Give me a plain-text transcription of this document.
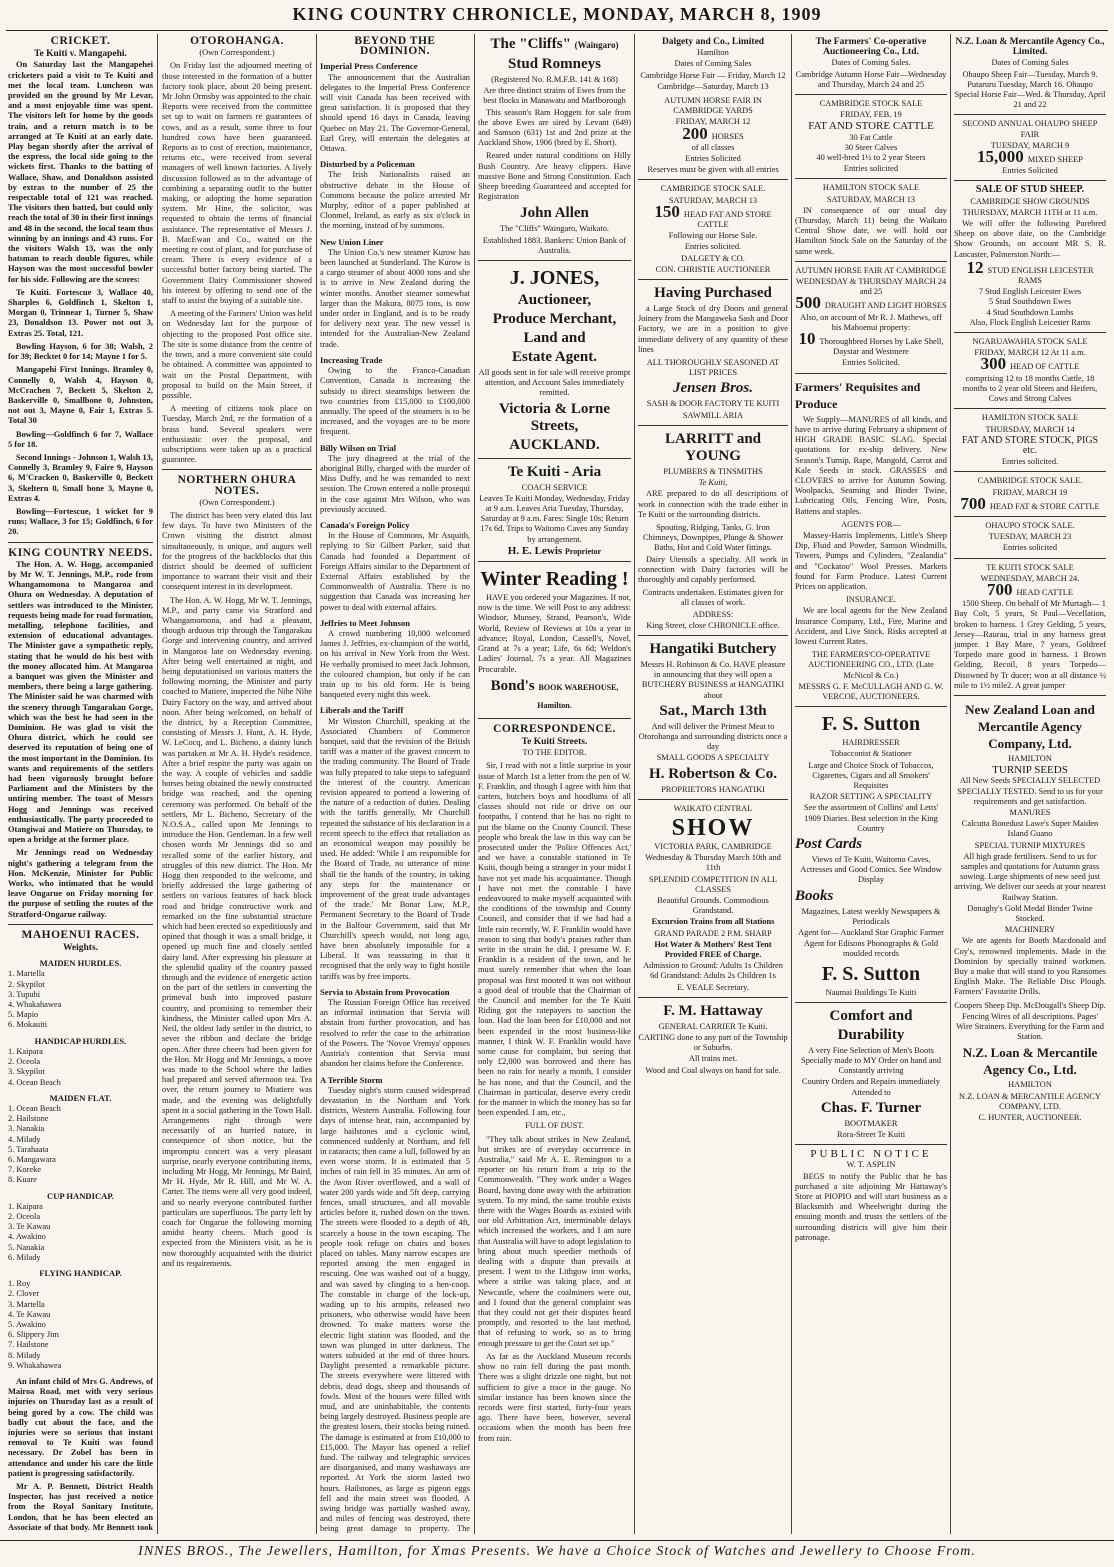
KING COUNTRY CHRONICLE, MONDAY, MARCH 8, 1909
CRICKET.
Te Kuiti v. Mangapehi.

On Saturday last the Mangapehei cricketers paid a visit to Te Kuiti and met the local team. Luncheon was provided on the ground by Mr Levar, and a most enjoyable time was spent. The visitors left for home by the goods train, and a return match is to be arranged at Te Kuiti at an early date. Play began shortly after the arrival of the express, the local side going to the wickets first. Thanks to the batting of Wallace, Shaw, and Donaldson assisted by extras to the number of 25 the respectable total of 121 was reached. The visitors then batted, but could only reach the total of 30 in their first innings and 48 in the second, the local team thus winning by an innings and 43 runs. For the visitors Walsh 13, was the only batsman to reach double figures, while Hayson was the most successful bowler for his side. Following are the scores:

Te Kuiti. Fortescue 3, Wallace 40, Sharples 6, Goldfinch 1, Skelton 1, Morgan 0, Trinnear 1, Turner 5, Shaw 23, Donaldson 13. Power not out 3, Extras 25. Total, 121.

Bowling Hayson, 6 for 38; Walsh, 2 for 39; Becktet 0 for 14; Mayne 1 for 5.

Mangapehi First Innings. Bramley 0, Connelly 0, Walsh 4, Hayson 0, McCrachen 7, Beckett 5, Skelton 2, Baskerville 0, Smallbone 0, Johnston, not out 3, Mayne 0, Fair 1, Extras 5. Total 30

Bowling—Goldfinch 6 for 7, Wallace 5 for 18.

Second Innings - Johnson 1, Walsh 13, Connelly 3, Bramley 9, Faire 9, Hayson 6, M'Cracken 0, Baskerville 0, Beckett 3, Skeltern 0, Small bone 3, Mayne 0, Extras 4.

Bowling—Fortescue, 1 wicket for 9 runs; Wallace, 3 for 15; Goldfinch, 6 for 20.

KING COUNTRY NEEDS.

The Hon. A. W. Hogg, accompanied by Mr W. T. Jennings, M.P., rode from Whangamomona to Mangaroa and Ohura on Wednesday. A deputation of settlers was introduced to the Minister, requests being made for road formation, metalling, telephone facilities, and extension of educational advantages. The Minister gave a sympathetic reply, stating that he would do his best with the money allocated him. At Mangaroa a banquet was given the Minister and members, there being a large gathering. The Minister said he was charmed with the scenery through Tangarakau Gorge, which was the best he had seen in the Dominion. He was glad to visit the Ohura district, which he could see deserved its reputation of being one of the most important in the Dominion. Its wants and requirements of the settlers had been vigorously brought before Parliament and the Ministers by the untiring member. The toast of Messrs Hogg and Jennings was received enthusiastically. The party proceeded to Otangiwai and Matiere on Thursday, to open a bridge at the former place.

Mr Jennings read on Wednesday night's gathering a telegram from the Hon. McKenzie, Minister for Public Works, who intimated that he would leave Ongarue on Friday morning for the purpose of settling the routes of the Stratford-Ongarue railway.

MAHOENUI RACES.
Weights.
MAIDEN HURDLES.
1. Martella
2. Skypilot
3. Tupuhi
4. Whakahawea
5. Mapio
6. Mokauiti
HANDICAP HURDLES.
1. Kaipara
2. Oceola
3. Skypilot
4. Ocean Beach
MAIDEN FLAT.
1. Ocean Beach
2. Hailstone
3. Nanakia
4. Milady
5. Tarahaata
6. Mangawara
7. Koreke
8. Kuare
CUP HANDICAP.
1. Kaipara
2. Oceola
3. Te Kawau
4. Awakino
5. Nanakia
6. Milady
FLYING HANDICAP.
1. Roy
2. Clover
3. Martella
4. Te Kawau
5. Awakino
6. Slippery Jim
7. Hailstone
8. Milady
9. Whakahawea

An infant child of Mrs G. Andrews, of Mairoa Road, met with very serious injuries on Thursday last as a result of being gored by a cow. The child was badly cut about the face, and the injuries were so serious that instant removal to Te Kuiti was found necessary. Dr Zobel has been in attendance and under his care the little patient is progressing satisfactorily.

Mr A. P. Bennett, District Health Inspector, has just received a notice from the Royal Sanitary Institute, London, that he has been elected an Associate of that body. Mr Bennett took

OTOROHANGA.

(Own Correspondent.)

On Friday last the adjourned meeting of those interested in the formation of a butter factory took place, about 20 being present. Mr John Ormsby was appointed to the chair. Reports were received from the committee set up to wait on farmers re guarantees of cows, and as a result, some three to four hundred cows have been guaranteed. Reports as to cost of erection, maintenance, returns etc., were received from several managers of well known factories. A lively discussion followed as to the advantage of combining a separating outfit to the butter making, or adopting the home separation system. Mr Hine, the solicitor, was requested to obtain the terms of financial assistance. The representative of Messrs J. B. MacEwan and Co., waited on the meeting re cost of plant, and for purchase of cream. There is every evidence of a successful butter factory being started. The Government Dairy Commissioner showed his interest by offering to send one of the staff to assist the buying of a suitable site.

A meeting of the Farmers' Union was held on Wednesday last for the purpose of objecting to the proposed Post office site. The site is some distance from the centre of the town, and a more convenient site could be obtained. A committee was appointed to wait on the Postal Department, with proposal to build on the Main Street, if possible.

A meeting of citizens took place on Tuesday, March 2nd, re the formation of a brass band. Several speakers were enthusiastic over the proposal, and subscriptions were taken up as a practical guarantee.

NORTHERN OHURA NOTES.

(Own Correspondent.)

The district has been very elated this last few days. To have two Ministers of the Crown visiting the district almost simultaneously, is unique, and augurs well for the progress of the backblocks that this district should be deemed of sufficient importance to warrant their visit and their consequent interest in its development.

The Hon. A. W. Hogg, Mr W. T. Jennings, M.P., and party came via Stratford and Whangamomona, and had a pleasant, though arduous trip through the Tangarakau Gorge and intervening country, and arrived in Mangaroa late on Wednesday evening. After being well entertained at night, and being deputationised on various matters the following morning, the Minister and party coached to Matiere, inspected the Nihe Nihe Dairy Factory on the way, and arrived about noon. After being welcomed, on behalf of the district, by a Reception Committee, consisting of Messrs J. Hunt, A. H. Hyde, W. LeCocq, and L. Bicheno, a dainty lunch was partaken at Mr A. H. Hyde's residence. After a brief respite the party was again on the way. A couple of vehicles and saddle horses being obtained the newly constructed bridge was reached, and the opening ceremony was performed. On behalf of the settlers, Mr L. Bicheno, Secretary of the N.O.S.A., called upon Mr Jennings to introduce the Hon. Gentleman. In a few well chosen words Mr Jennings did so and recalled some of the earlier history, and struggles of this new district. The Hon. Mr Hogg then responded to the welcome, and briefly addressed the large gathering of settlers on various features of back block road and bridge constructive work and remarked on the fine substantial structure which had been erected so expeditiously and opined that though it was a small bridge, it opened up much fine and closely settled dairy land. After expressing his pleasure at the splendid quality of the country passed through and the evidence of energetic action on the part of the settlers in converting the primeval bush into improved pasture country, and promising to remember their kindness, the Minister called upon Mrs A. Neil, the oldest lady settler in the district, to sever the ribbon and declare the bridge open. After three cheers had been given for the Hon. Mr Hogg and Mr Jennings, a move was made to the School where the ladies had prepared and served afternoon tea. Tea over, the return journey to Mtatiere was made, and the evening was delightfully spent in a social gathering in the Town Hall. Arrangements right through were necessarily of an hurried nature, in consequence of short notice, but the impromptu concert was a very pleasant surprise, nearly everyone contributing items, including Mr Hogg, Mr Jennings, Mr Baird, Mr H. Hyde, Mr R. Hill, and Mr W. A. Carter. The items were all very good indeed, and so nearly everyone contributed further particulars are superfluous. The party left by coach for Ongarue the following morning amidst hearty cheers. Much good is expected from the Ministers visit, as he is now thoroughly acquainted with the district and its requirements.

BEYOND THE DOMINION.
Imperial Press Conference

The announcement that the Australian delegates to the Imperial Press Conference will visit Canada has been received with great satisfaction. It is proposed that they should spend 16 days in Canada, leaving Quebec on May 21. The Governor-General, Earl Grey, will entertain the delegates at Ottawa.

Disturbed by a Policeman

The Irish Nationalists raised an obstructive debate in the House of Commons because the police arrested Mr Murphy, editor of a paper published at Clonmel, Ireland, as early as six o'clock in the morning, instead of by summons.

New Union Liner

The Union Co.'s new steamer Kurow has been launched at Sunderland. The Kurow is a cargo steamer of about 4000 tons and she is to arrive in New Zealand during the winter months. Another steamer somewhat larger than the Makura, 8075 tons, is now under order in England, and is to be ready for delivery next year. The new vessel is intended for the Australian-New Zealand trade.

Increasing Trade

Owing to the Franco-Canadian Convention, Canada is increasing the subsidy to direct steamships between the two countries from £15,000 to £100,000 annually. The speed of the steamers is to be increased, and the voyages are to be more frequent.

Billy Wilson on Trial

The jury disagreed at the trial of the aboriginal Billy, charged with the murder of Miss Duffy, and he was remanded to next session. The Crown entered a nolle prosequi in the case against Mrs Wilson, who was previously accused.

Canada's Foreign Policy

In the House of Commons, Mr Asquith, replying to Sir Gilbert Parker, said that Canada had founded a Department of Foreign Affairs similar to the Department of External Affairs established by the Commonwealth of Australia. There is no suggestion that Canada was increasing her power to deal with external affairs.

Jeffries to Meet Johnson

A crowd numbering 10,000 welcomed James J. Jeffries, ex-champion of the world, on his arrival in New York from the West. He verbally promised to meet Jack Johnson, the coloured champion, but only if he can train up to his old form. He is being banqueted every night this week.

Liberals and the Tariff

Mr Winston Churchill, speaking at the Associated Chambers of Commerce banquet, said that the revision of the British tariff was a matter of the gravest concern to the trading community. The Board of Trade was fully prepared to take steps to safeguard the interest of the country. American revision appeared to portend a lowering of the nature of a reduction of duties. Dealing with the tariffs generally, Mr Churchill repeated the substance of his declaration in a recent speech to the effect that retaliation as an economical weapon may possibly be used. He added: 'While I am responsible for the Board of Trade, no utterance of mine shall tie the hands of the country, in taking any steps for the maintenance or improvement of the great trade advantages of the trade.' Mr Bonar Law, M.P., Permanent Secretary to the Board of Trade in the Balfour Government, said that Mr Churchill's speech would, not long ago, have been absolutely impossible for a Liberal. It was reassuring in that it recognised that the only way to fight hostile tariffs was by free imports.

Servia to Abstain from Provocation

The Russian Foreign Office has received an informal intimation that Servia will abstain from further provocation, and has resolved to refer the case to the arbitration of the Powers. The 'Novoe Vremya' opposes Austria's contention that Servia must abandon her claims before the Conference.

A Terrible Storm

Tuesday night's storm caused widespread devastation in the Northam and York districts, Western Australia. Following four days of intense heat, rain, accompanied by large hailstones and a cyclonic wind, commenced suddenly at Northam, and fell in cataracts; then came a lull, followed by an even worse storm. It is estimated that 5 inches of rain fell in 35 minutes. An arm of the Avon River overflowed, and a wall of water 200 yards wide and 5ft deep, carrying fences, small structures, and all movable articles before it, rushed down on the town. The streets were flooded to a depth of 4ft, scarcely a house in the town escaping. The people took refuge on chairs and boxes placed on tables. Many narrow escapes are reported among the men engaged in rescuing. One was washed out of a buggy, and was saved by clinging to a hen-coop. The constable in charge of the lock-up, wading up to his armpits, released two prisoners, who otherwise would have been drowned. To make matters worse the electric light station was flooded, and the town was plunged in utter darkness. The waters subsided at the end of three hours. Daylight presented a remarkable picture. The streets everywhere were littered with debris, dead dogs, sheep and thousands of fowls. Most of the houses were filled with mud, and are uninhabitable, the contents being largely destroyed. Business people are the greatest losers, their stocks being ruined. The damage is estimated at from £10,000 to £15,000. The Mayor has opened a relief fund. The railway and telegraphic services are disorganised, and many washaways are reported. At York the storm lasted two hours. Hailstones, as large as pigeon eggs fell and the main street was flooded. A swing bridge was partially washed away, and miles of fencing was destroyed, there being great damage to property. The

The "Cliffs" (Waingaro)
Stud Romneys

(Registered No. R.M.F.B. 141 & 168)

Are three distinct strains of Ewes from the best flocks in Manawatu and Marlborough

This season's Ram Hoggets for sale from the above Ewes are sired by Levant (649) and Samson (631) 1st and 2nd prize at the Auckland Show, 1906 (bred by E. Short).

Reared under natural conditions on Hilly Bush Country. Are heavy clippers. Have massive Bone and Strong Constitution. Each Sheep breeding Guaranteed and accepted for Registration

John Allen

The "Cliffs" Waingaro, Waikato.

Established 1883. Bankers: Union Bank of Australia.

J. JONES,
Auctioneer,
Produce Merchant,
Land and
Estate Agent.

All goods sent in for sale will receive prompt attention, and Account Sales immediately remitted.

Victoria & Lorne Streets,
AUCKLAND.
Te Kuiti - Aria

COACH SERVICE

Leaves Te Kuiti Monday, Wednesday, Friday at 9 a.m. Leaves Aria Tuesday, Thursday, Saturday at 9 a.m. Fares: Single 10s; Return 17s 6d. Trips to Waitomo Caves any Sunday by arrangement.

H. E. Lewis Proprietor

Winter Reading !

HAVE you ordered your Magazines. If not, now is the time. We will Post to any address: Windsor, Munsey, Strand, Pearson's, Wide World, Review of Reviews at 10s a year in advance; Royal, London, Cassell's, Novel, Grand at 7s a year; Life, 6s 6d; Weldon's Ladies' Journal, 7s a year. All Magazines Procurable.

Bond's BOOK WAREHOUSE, Hamilton.
CORRESPONDENCE.
Te Kuiti Streets.

TO THE EDITOR.

Sir, I read with not a little surprise in your issue of March 1st a letter from the pen of W. F. Franklin, and though I agree with him that carters, butchers boys and hoodlums of all classes should not ride or drive on our footpaths, I contend that he has no right to put the blame on the County Council. These people who break the law in this way can be prosecuted under the 'Police Offences Act,' and we have a constable stationed in Te Kuiti, though being a stranger in your midst I have not yet made his acquaintance. Though I have not met the constable I have endeavoured to make myself acquainted with the conditions of the township and County Council, and consider that if we had had a little rain recently, W. F. Franklin would have reason to sing that body's praises rather than write in the strain he did. I presume W. F. Franklin is a resident of the town, and he must surely remember that when the loan proposal was first mooted it was not without a good deal of trouble that the Chairman of the Council and member for the Te Kuiti Riding got the ratepayers to sanction the loan. Had the loan been for £10,000 and not been expended in the most business-like manner, I think W. F. Franklin would have some cause for complaint, but seeing that only £2,000 was borrowed and there has been no rain for nearly a month, I consider he has none, and that the Council, and the Chairman in particular, deserve every credit for the manner in which the money has so far been expended. I am, etc.,

FULL OF DUST.

"They talk about strikes in New Zealand, but strikes are of everyday occurrence in Australia," said Mr A. E. Remington to a reporter on his return from a trip to the Commonwealth. "They work under a Wages Board, having done away with the arbitration system. To my mind, the same trouble exists there with the Wages Boards as existed with our old Arbitration Act, interminable delays which increased the workers, and I am sure that Australia will have to adopt legislation to bring about much speedier methods of dealing with a dispute than prevails at present. I went to the Lithgow iron works, where a strike was taking place, and at Newcastle, where the coalminers were out, and I found that the general complaint was that they could not get their disputes heard promptly, and resorted to the last method, that of refusing to work, so as to bring enough pressure to get the Court set up."

As far as the Auckland Museum records show no rain fell during the past month. There was a slight drizzle one night, but not sufficient to give a trace in the gauge. No similar instance has been known since the records were first started, forty-four years ago. There have been, however, several occasions when the month has been free from rain.

Dalgety and Co., Limited

Hamilton

Dates of Coming Sales

Cambridge Horse Fair — Friday, March 12

Cambridge—Saturday, March 13

AUTUMN HORSE FAIR IN CAMBRIDGE YARDS

FRIDAY, MARCH 12

200 HORSES

of all classes

Entries Solicited

Reserves must be given with all entries

CAMBRIDGE STOCK SALE.

SATURDAY, MARCH 13

150 HEAD FAT AND STORE CATTLE

Following our Horse Sale.

Entries solicited.

DALGETY & CO.

CON. CHRISTIE AUCTIONEER

Having Purchased

a Large Stock of dry Doors and general Joinery from the Mangaweka Sash and Door Factory, we are in a position to give immediate delivery of any quantity of these lines

ALL THOROUGHLY SEASONED AT LIST PRICES

Jensen Bros.

SASH & DOOR FACTORY TE KUITI

SAWMILL ARIA

LARRITT and YOUNG

PLUMBERS & TINSMITHS

Te Kuiti,

ARE prepared to do all descriptions of work in connection with the trade either in Te Kuiti or the surrounding districts.

Spouting, Ridging, Tanks, G. Iron Chimneys, Downpipes, Plunge & Shower Baths, Hot and Cold Water fittings.

Dairy Utensils a specialty. All work in connection with Dairy factories will be thoroughly and capably performed.

Contracts undertaken. Estimates given for all classes of work.

ADDRESS:

King Street, close CHRONICLE office.

Hangatiki Butchery

Messrs H. Robinson & Co. HAVE pleasure in announcing that they will open a BUTCHERY BUSINESS at HANGATIKI about

Sat., March 13th

And will deliver the Primest Meat to Otorohanga and surrounding districts once a day

SMALL GOODS A SPECIALTY

H. Robertson & Co.

PROPRIETORS HANGATIKI

WAIKATO CENTRAL

SHOW

VICTORIA PARK, CAMBRIDGE

Wednesday & Thursday March 10th and 11th

SPLENDID COMPETITION IN ALL CLASSES

Beautiful Grounds. Commodious Grandstand.

Excursion Trains from all Stations

GRAND PARADE 2 P.M. SHARP

Hot Water & Mothers' Rest Tent Provided FREE of Charge.

Admission to Ground: Adults 1s Children 6d Grandstand: Adults 2s Children 1s

E. VEALE Secretary.

F. M. Hattaway

GENERAL CARRIER Te Kuiti.

CARTING done to any part of the Township or Suburbs.

All trains met.

Wood and Coal always on hand for sale.

The Farmers' Co-operative Auctioneering Co., Ltd.

Dates of Coming Sales.

Cambridge Autumn Horse Fair—Wednesday and Thursday, March 24 and 25

CAMBRIDGE STOCK SALE

FRIDAY, FEB. 19

FAT AND STORE CATTLE

30 Fat Cattle
30 Steer Calves
40 well-bred 1½ to 2 year Steers

Entries solicited

HAMILTON STOCK SALE

SATURDAY, MARCH 13

IN consequence of our usual day (Thursday, March 11) being the Waikato Central Show date, we will hold our Hamilton Stock Sale on the Saturday of the same week.

AUTUMN HORSE FAIR AT CAMBRIDGE

WEDNESDAY & THURSDAY MARCH 24 and 25

500 DRAUGHT AND LIGHT HORSES

Also, on account of Mr R. J. Mathews, off his Mahoenui property:

10 Thoroughbred Horses by Lake Shell, Daystar and Westmere

Entries Solicited.

Farmers' Requisites and Produce

We Supply—MANURES of all kinds, and have to arrive during February a shipment of HIGH GRADE BASIC SLAG. Special quotations for ex-ship delivery. New Season's Turnip, Rape, Mangold, Carrot and Kale Seeds in stock. GRASSES and CLOVERS to arrive for Autumn Sowing. Woolpacks, Seaming and Binder Twine, Lubricating Oils, Fencing Wire, Posts, Battens and staples.

AGENTS FOR—

Massey-Harris Implements, Little's Sheep Dip, Fluid and Powder, Samson Windmills, Towers, Pumps and Cylinders, "Zealandia" and "Cockatoo" Wool Presses. Markets found for Farm Produce. Latest Current Prices on application.

INSURANCE.

We are local agents for the New Zealand Insurance Company, Ltd., Fire, Marine and Accident, and Live Stock. Risks accepted at lowest Current Rates.

THE FARMERS'CO-OPERATIVE AUCTIONEERING CO., LTD. (Late McNicol & Co.)

MESSRS G. F. McCULLAGH AND G. W. VERCOE, AUCTIONEERS.

F. S. Sutton

HAIRDRESSER

Tobacconist & Stationer

Large and Choice Stock of Tobaccos, Cigarettes, Cigars and all Smokers' Requisites

RAZOR SETTING A SPECIALITY

See the assortment of Collins' and Letts' 1909 Diaries. Best selection in the King Country

Post Cards

Views of Te Kuiti, Waitomo Caves, Actresses and Good Comics. See Window Display

Books

Magazines, Latest weekly Newspapers & Periodicals

Agent for— Auckland Star Graphic Farmer

Agent for Edisons Phonographs & Gold moulded records

F. S. Sutton

Naumai Buildings Te Kuiti

Comfort and
Durability

A very Fine Selection of Men's Boots Specially made to MY Order on hand and Constantly arriving

Country Orders and Repairs immediately Attended to

Chas. F. Turner

BOOTMAKER

Rora-Street Te Kuiti

PUBLIC NOTICE

W. T. ASPLIN

BEGS to notify the Public that he has purchased a site adjoining Mr Hattaway's Store at PIOPIO and will start business as a Blacksmith and Wheelwright during the ensuing month and trusts the settlers of the surrounding districts will give him their patronage.

N.Z. Loan & Mercantile Agency Co., Limited.

Dates of Coming Sales

Ohaupo Sheep Fair—Tuesday, March 9. Putaruru Tuesday, March 16. Ohaupo Special Horse Fair—Wed. & Thursday, April 21 and 22

SECOND ANNUAL OHAUPO SHEEP FAIR

TUESDAY, MARCH 9

15,000 MIXED SHEEP

Entries Solicited

SALE OF STUD SHEEP.

CAMBRIDGE SHOW GROUNDS

THURSDAY, MARCH 11TH at 11 a.m.

We will offer the following Purebred Sheep on above date, on the Cambridge Show Grounds, on account MR S. R. Lancaster, Palmerston North:—

12 STUD ENGLISH LEICESTER RAMS

7 Stud English Leicester Ewes
5 Stud Southdown Ewes
4 Stud Southdown Lambs
Also, Flock English Leicester Rams

NGARUAWAHIA STOCK SALE

FRIDAY, MARCH 12 At 11 a.m.

300 HEAD OF CATTLE

comprising 12 to 18 months Cattle, 18 months to 2 year old Steers and Heifers, Cows and Strong Calves

HAMILTON STOCK SALE

THURSDAY, MARCH 14

FAT AND STORE STOCK, PIGS etc.

Entries solicited.

CAMBRIDGE STOCK SALE.

FRIDAY, MARCH 19

700 HEAD FAT & STORE CATTLE

OHAUPO STOCK SALE.

TUESDAY, MARCH 23

Entries solicited

TE KUITI STOCK SALE

WEDNESDAY, MARCH 24.

700 HEAD CATTLE

1500 Sheep. On behalf of Mr Murtagh— 1 Bay Colt, 5 years, St Paul—Vecellation, broken to harness. 1 Grey Gelding, 5 years, Jersey—Raurau, trial in any harness great jumper. 1 Bay Mare, 7 years, Goldreef Torpedo mare good in harness. 1 Brown Gelding, Recoil, 8 years Torpedo—Disowned by Tr ducer; won at all distance ½ mile to 1½ mile2. A great jumper

New Zealand Loan and Mercantile Agency Company, Ltd.

HAMILTON

TURNIP SEEDS

All New Seeds SPECIALLY SELECTED SPECIALLY TESTED. Send to us for your requirements and get satisfaction.

MANURES

Calcutta Bonedust Lawe's Super Maiden Island Guano

SPECIAL TURNIP MIXTURES

All high grade fertilisers. Send to us for samples and quotations for Autumn grass sowing. Large shipments of new seed just arriving. We deliver our seeds at your nearest Railway Station.

Donaghy's Gold Medal Binder Twine Stocked.

MACHINERY

We are agents for Booth Macdonald and Coy's, renowned implements. Made in the Dominion by specially trained workmen. Buy a make that will stand to you Ransomes English Make. The Reliable Disc Plough. Farmers' Favourite Drills.

Coopers Sheep Dip. McDougall's Sheep Dip.

Fencing Wires of all descriptions. Pages' Wire Strainers. Everything for the Farm and Station.

N.Z. Loan & Mercantile Agency Co., Ltd.

HAMILTON

N.Z. LOAN & MERCANTILE AGENCY COMPANY, LTD.

C. HUNTER, AUCTIONEER.

INNES BROS., The Jewellers, Hamilton, for Xmas Presents. We have a Choice Stock of Watches and Jewellery to Choose From.
